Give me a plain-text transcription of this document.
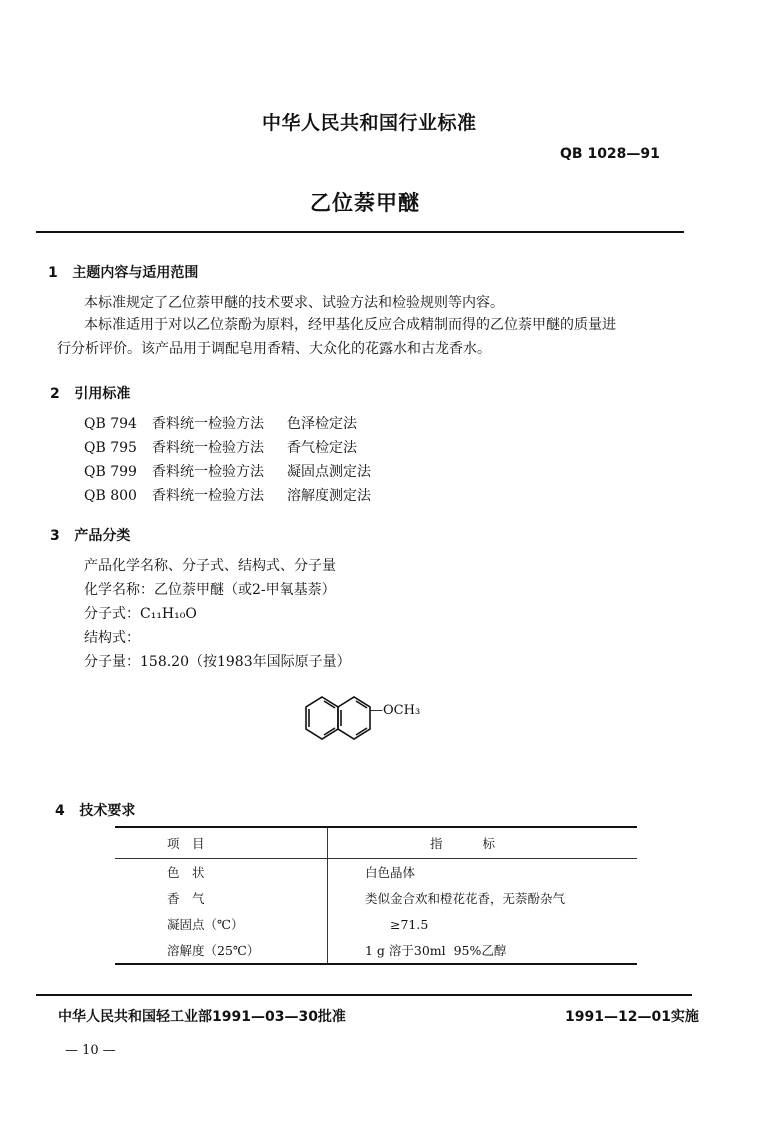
中华人民共和国行业标准
QB 1028—91
乙位萘甲醚
1 主题内容与适用范围
本标准规定了乙位萘甲醚的技术要求、试验方法和检验规则等内容。
本标准适用于对以乙位萘酚为原料，经甲基化反应合成精制而得的乙位萘甲醚的质量进
行分析评价。该产品用于调配皂用香精、大众化的花露水和古龙香水。
2 引用标准
QB 794 香料统一检验方法 色泽检定法
QB 795 香料统一检验方法 香气检定法
QB 799 香料统一检验方法 凝固点测定法
QB 800 香料统一检验方法 溶解度测定法
3 产品分类
产品化学名称、分子式、结构式、分子量
化学名称：乙位萘甲醚（或2-甲氧基萘）
分子式：C₁₁H₁₀O
结构式：
分子量：158.20（按1983年国际原子量）
—OCH₃
4 技术要求
项　目	指标
色　状	白色晶体
香　气	类似金合欢和橙花花香，无萘酚杂气
凝固点（℃）	　　≥71.5
溶解度（25℃）	1 g 溶于30ml  95%乙醇
中华人民共和国轻工业部1991—03—30批准	1991—12—01实施
— 10 —
